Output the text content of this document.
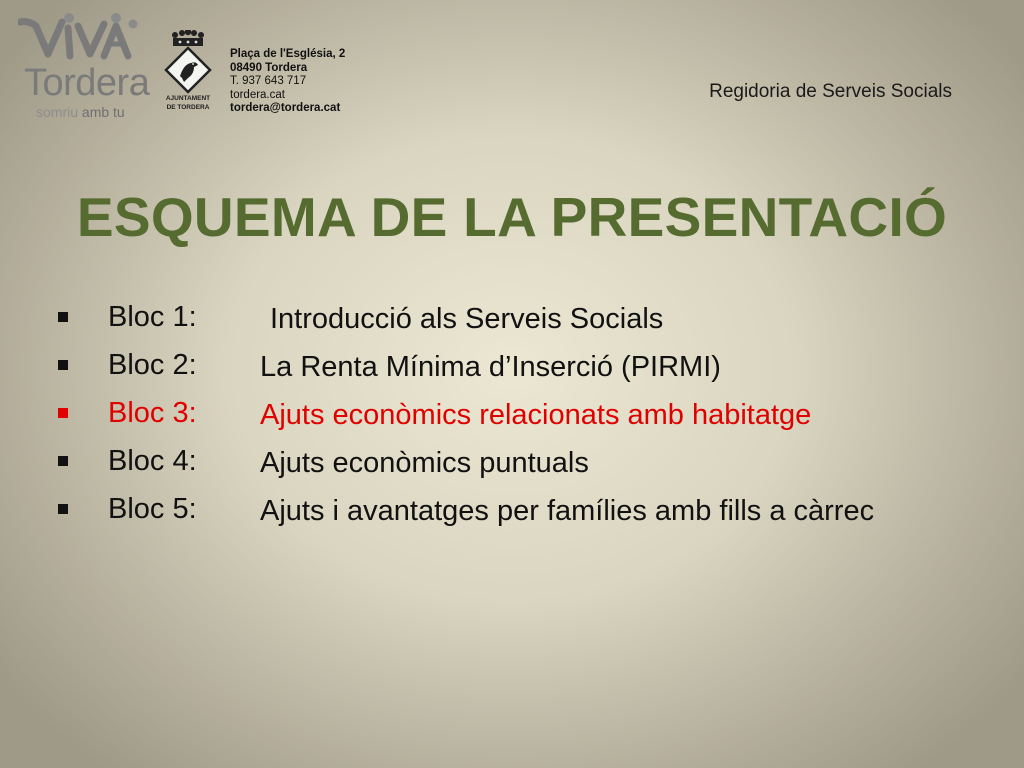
Tordera
somriu amb tu
AJUNTAMENT
DE TORDERA
Plaça de l'Església, 2
08490 Tordera
T. 937 643 717
tordera.cat
tordera@tordera.cat
Regidoria de Serveis Socials
ESQUEMA DE LA PRESENTACIÓ
Bloc 1:	Introducció als Serveis Socials
Bloc 2: La Renta Mínima d’Inserció (PIRMI)
Bloc 3: Ajuts econòmics relacionats amb habitatge
Bloc 4: Ajuts econòmics puntuals
Bloc 5: Ajuts i avantatges per famílies amb fills a càrrec
